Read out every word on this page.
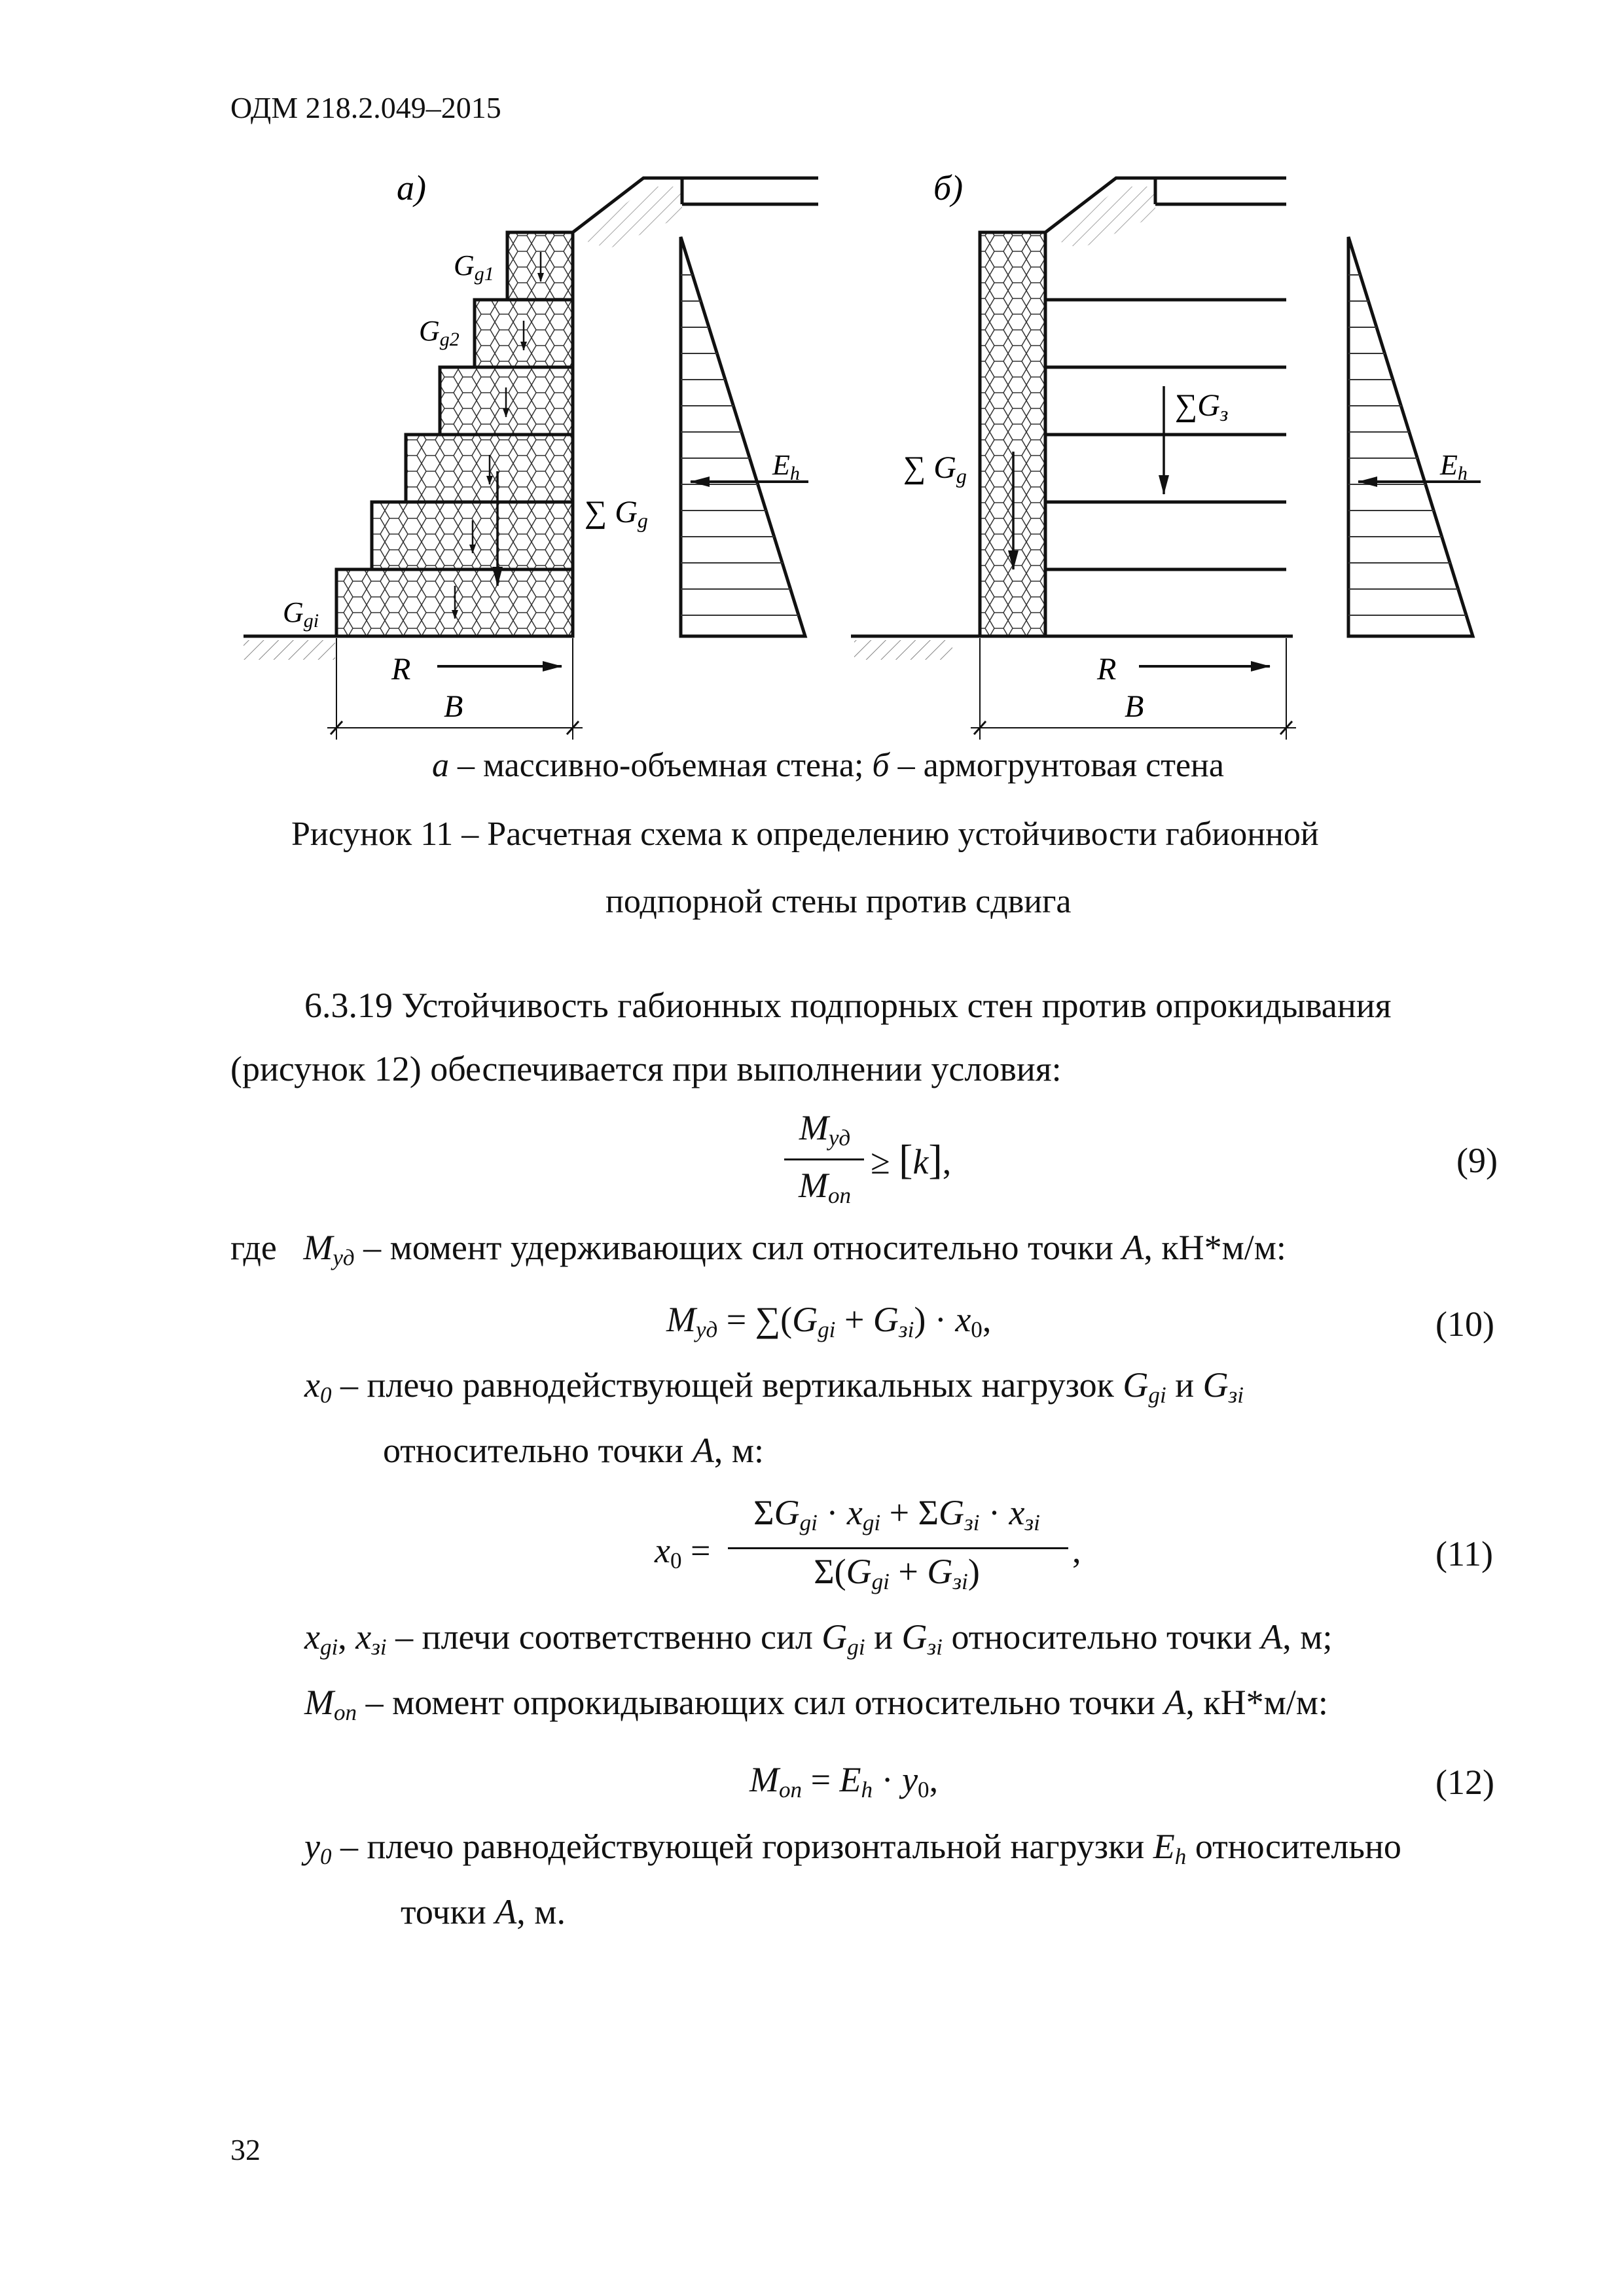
ОДМ 218.2.049–2015
а)
Gg1
Gg2
Ggi
∑ Gg
Eh
R
B
б)
∑ Gg
∑Gз
Eh
R
B
а – массивно-объемная стена; б – армогрунтовая стена
Рисунок 11 – Расчетная схема к определению устойчивости габионной
подпорной стены против сдвига
6.3.19 Устойчивость габионных подпорных стен против опрокидывания
(рисунок 12) обеспечивается при выполнении условия:
$M_{уд}$
$M_{оп}$
≥ [k],	(9)
где $M_{уд}$ – момент удерживающих сил относительно точки A, кН*м/м:
$M_{уд} = \sum(G_{gi} + G_{зi}) \cdot x_0$,	(10)
$x_0$ – плечо равнодействующей вертикальных нагрузок $G_{gi}$ и $G_{зi}$
относительно точки A, м:
$x_0$ =
$\Sigma G_{gi} \cdot x_{gi} + \Sigma G_{зi} \cdot x_{зi}$
$\Sigma(G_{gi} + G_{зi})$
,	(11)
$x_{gi}$, $x_{зi}$ – плечи соответственно сил $G_{gi}$ и $G_{зi}$ относительно точки A, м;
$M_{оп}$ – момент опрокидывающих сил относительно точки A, кН*м/м:
$M_{оп} = E_h \cdot y_0$,	(12)
$y_0$ – плечо равнодействующей горизонтальной нагрузки $E_h$ относительно
точки A, м.
32
